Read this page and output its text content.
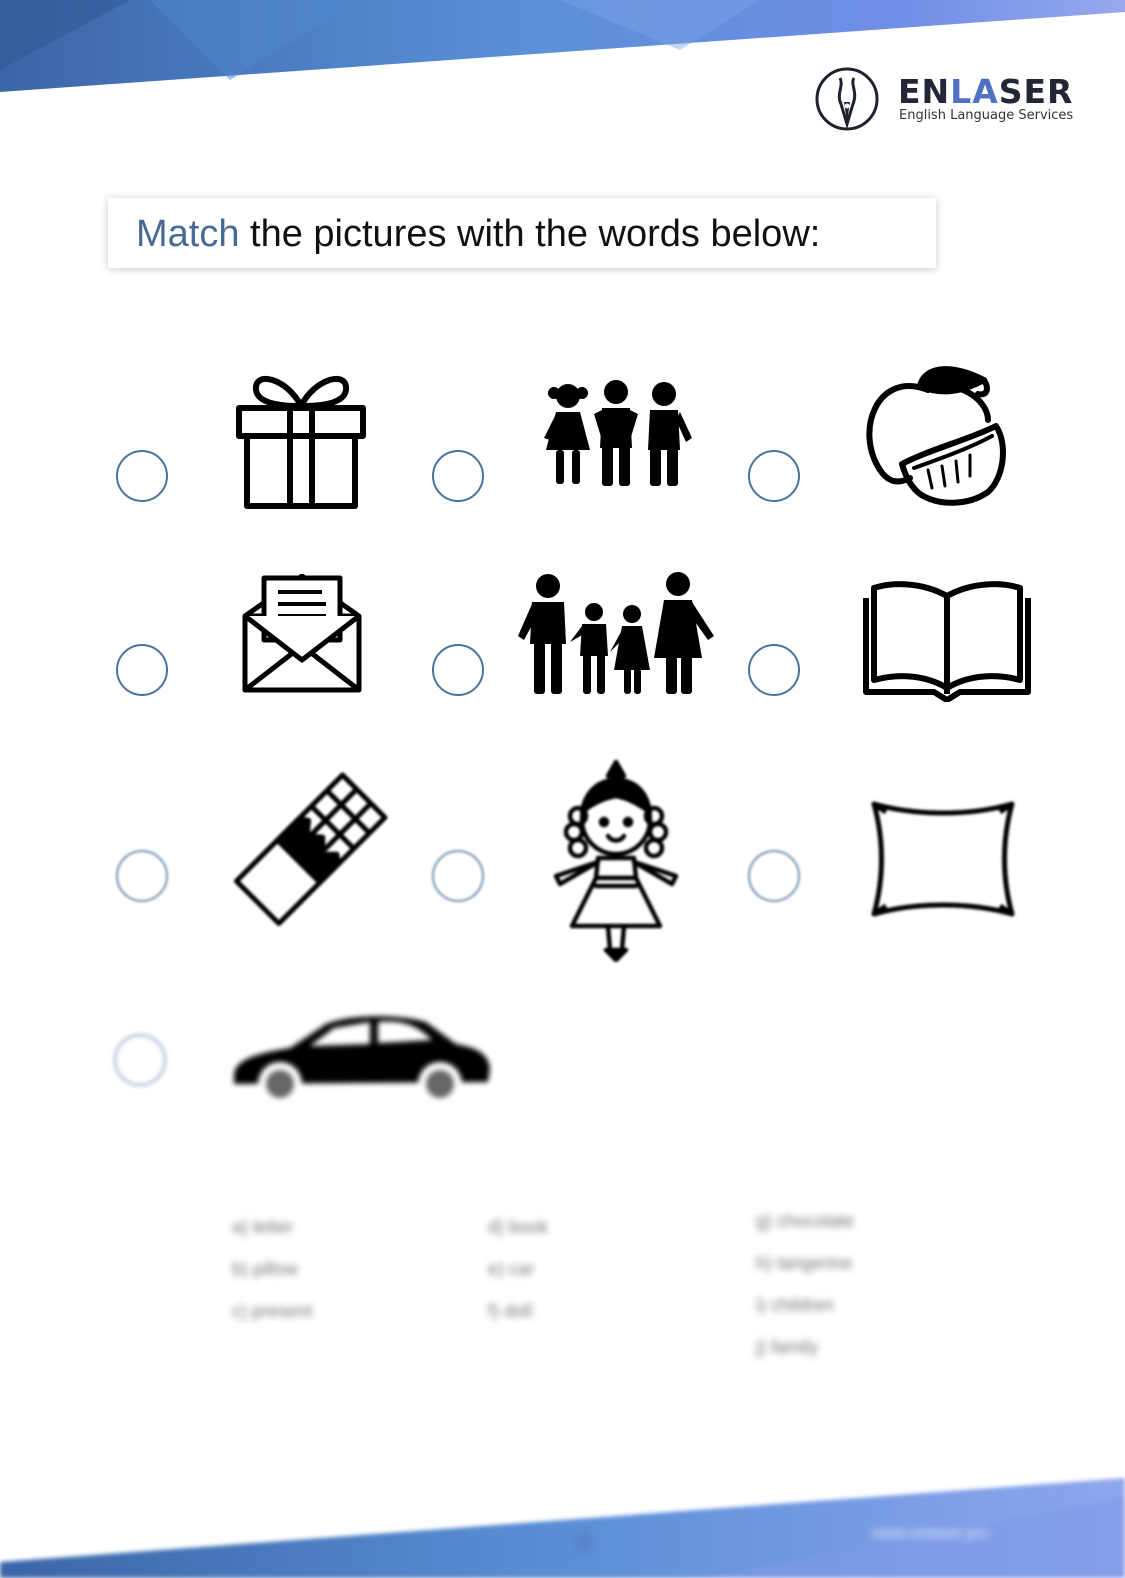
ENLASER
English Language Services
Match the pictures with the words below:
a) letter
b) pillow
c) present
d) book
e) car
f) doll
g) chocolate
h) tangerine
i) children
j) family
www.enlaser.pro
